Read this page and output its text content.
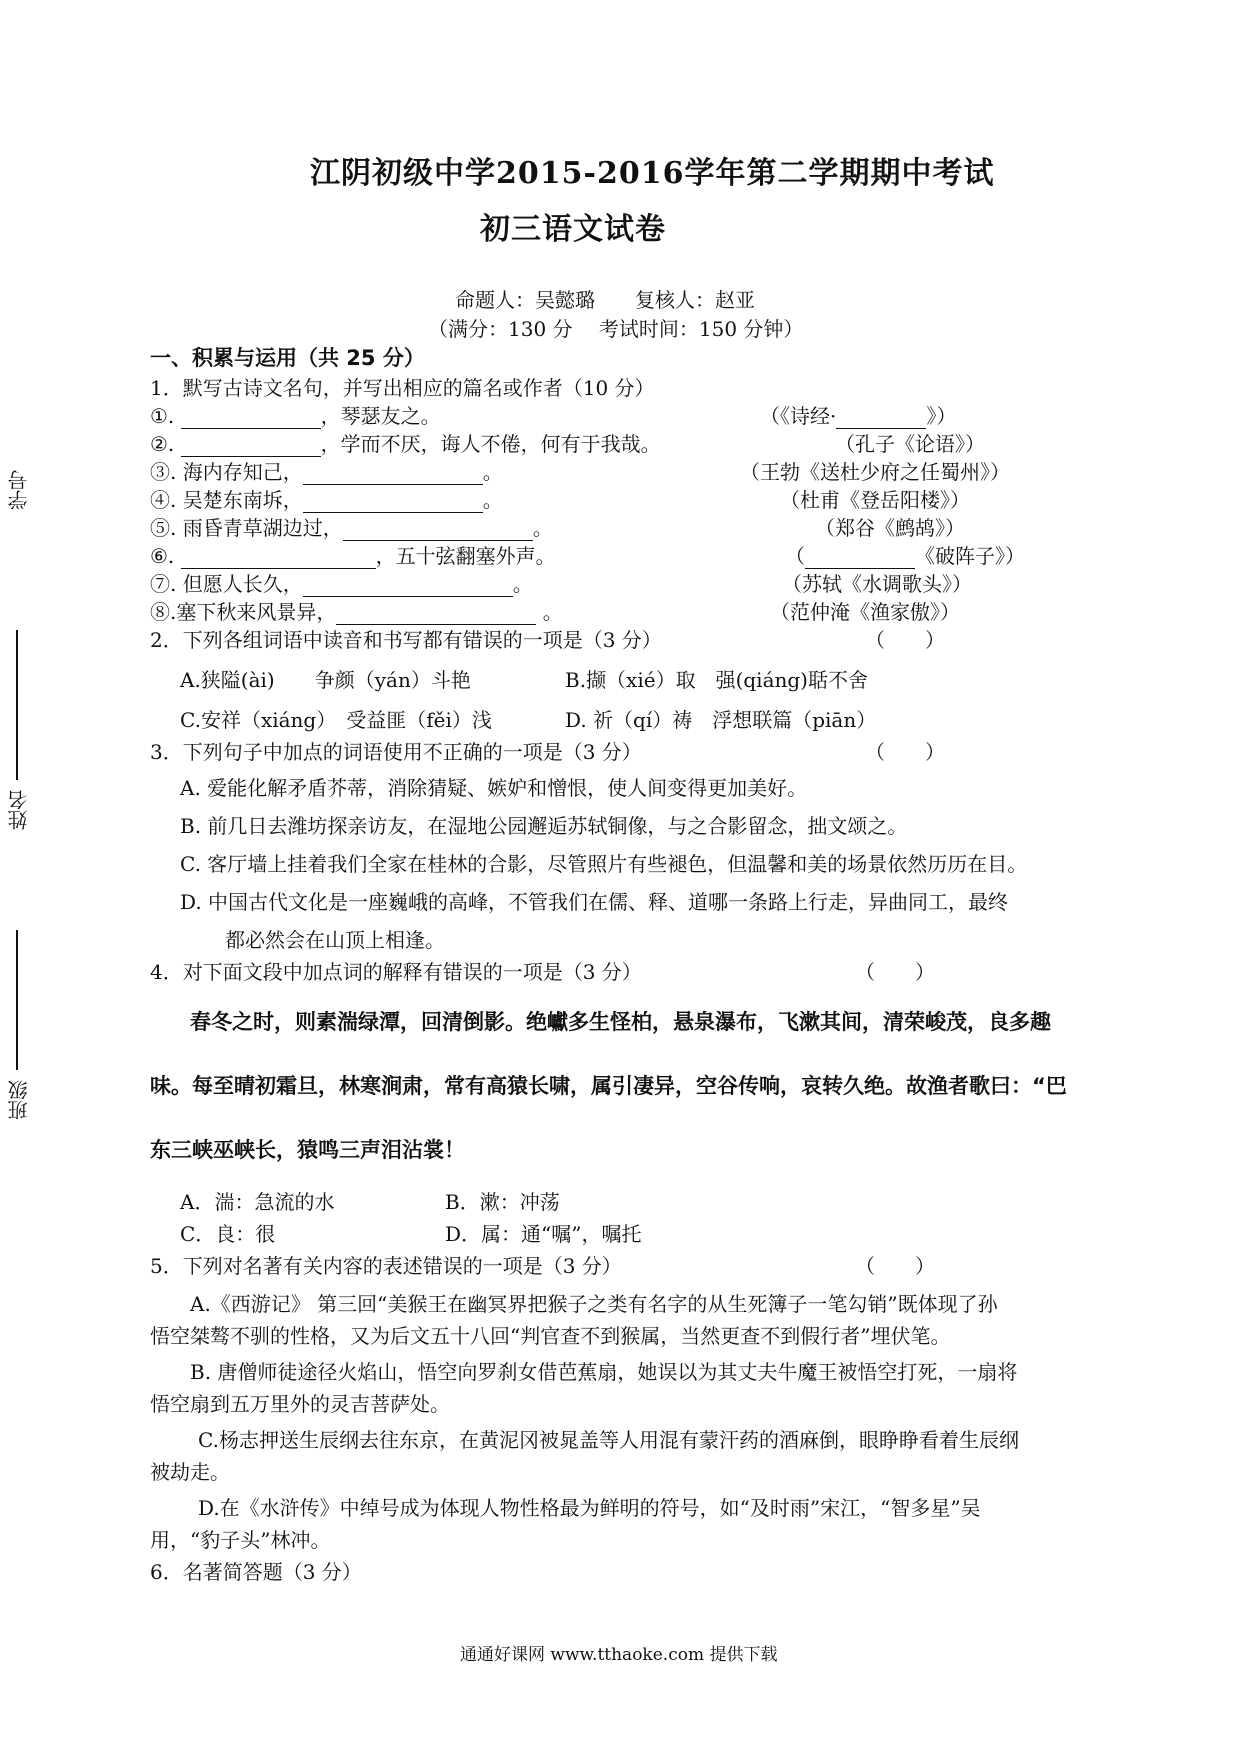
江阴初级中学2015-2016学年第二学期期中考试
初三语文试卷
命题人：吴懿璐　　复核人：赵亚
（满分：130 分　 考试时间：150 分钟）
学号
姓名
班级
一、积累与运用（共 25 分）
1．默写古诗文名句，并写出相应的篇名或作者（10 分）
①.	，琴瑟友之。	（《诗经·	》）
②.	，学而不厌，诲人不倦，何有于我哉。	（孔子《论语》）
③. 海内存知己，	。	（王勃《送杜少府之任蜀州》）
④. 吴楚东南坼，	。	（杜甫《登岳阳楼》）
⑤. 雨昏青草湖边过，	。	（郑谷《鹧鸪》）
⑥.	，五十弦翻塞外声。	（	《破阵子》）
⑦. 但愿人长久，	。	（苏轼《水调歌头》）
⑧.塞下秋来风景异，	。	（范仲淹《渔家傲》）
2．下列各组词语中读音和书写都有错误的一项是（3 分）	（　　）
A.狭隘(ài)　　争颜（yán）斗艳	B.撷（xié）取　强(qiáng)聒不舍
C.安祥（xiáng）　受益匪（fěi）浅	D. 祈（qí）祷　浮想联篇（piān）
3．下列句子中加点的词语使用不正确的一项是（3 分）	（　　）
A. 爱能化解矛盾芥蒂，消除猜疑、嫉妒和憎恨，使人间变得更加美好。
B. 前几日去潍坊探亲访友，在湿地公园邂逅苏轼铜像，与之合影留念，拙文颂之。
C. 客厅墙上挂着我们全家在桂林的合影，尽管照片有些褪色，但温馨和美的场景依然历历在目。
D. 中国古代文化是一座巍峨的高峰，不管我们在儒、释、道哪一条路上行走，异曲同工，最终
都必然会在山顶上相逢。
4．对下面文段中加点词的解释有错误的一项是（3 分）	（　　）
春冬之时，则素湍绿潭，回清倒影。绝巘多生怪柏，悬泉瀑布，飞漱其间，清荣峻茂，良多趣
味。每至晴初霜旦，林寒涧肃，常有高猿长啸，属引凄异，空谷传响，哀转久绝。故渔者歌曰：“巴
东三峡巫峡长，猿鸣三声泪沾裳！
A．湍：急流的水	B．漱：冲荡
C．良：很	D．属：通“嘱”，嘱托
5．下列对名著有关内容的表述错误的一项是（3 分）	（　　）
A.《西游记》 第三回“美猴王在幽冥界把猴子之类有名字的从生死簿子一笔勾销”既体现了孙
悟空桀骜不驯的性格，又为后文五十八回“判官查不到猴属，当然更查不到假行者”埋伏笔。
B. 唐僧师徒途径火焰山，悟空向罗刹女借芭蕉扇，她误以为其丈夫牛魔王被悟空打死，一扇将
悟空扇到五万里外的灵吉菩萨处。
C.杨志押送生辰纲去往东京，在黄泥冈被晁盖等人用混有蒙汗药的酒麻倒，眼睁睁看着生辰纲
被劫走。
D.在《水浒传》中绰号成为体现人物性格最为鲜明的符号，如“及时雨”宋江，“智多星”吴
用，“豹子头”林冲。
6．名著简答题（3 分）
通通好课网 www.tthaoke.com 提供下载
